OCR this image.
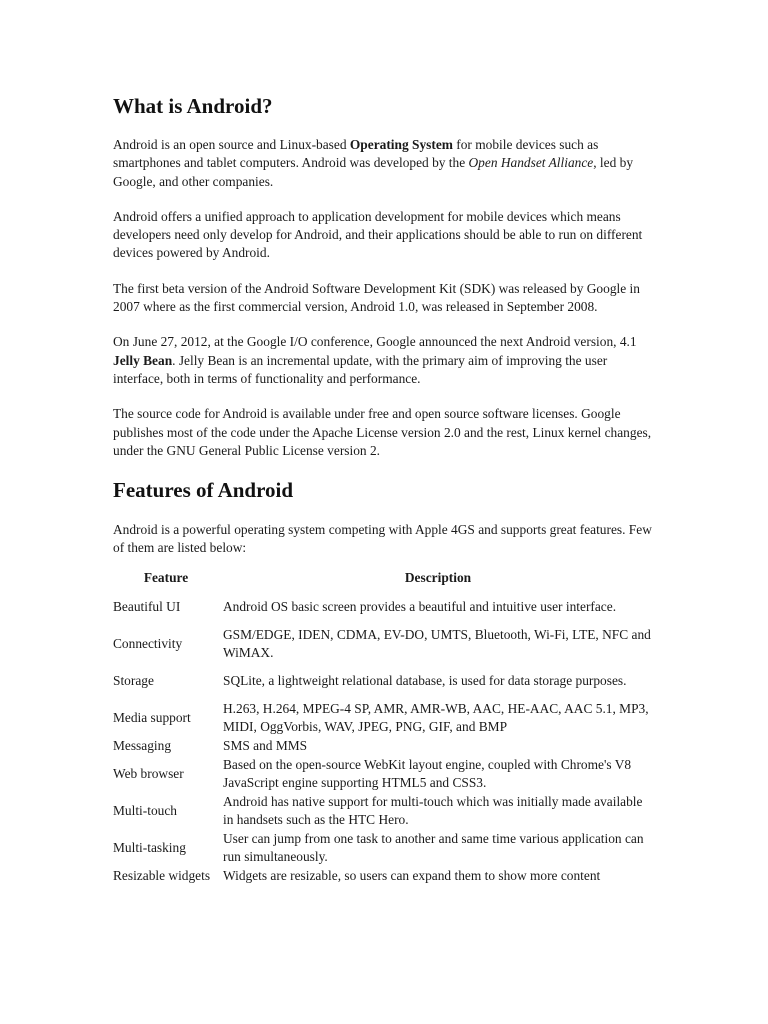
What is Android?

Android is an open source and Linux-based Operating System for mobile devices such as smartphones and tablet computers. Android was developed by the Open Handset Alliance, led by Google, and other companies.

Android offers a unified approach to application development for mobile devices which means developers need only develop for Android, and their applications should be able to run on different devices powered by Android.

The first beta version of the Android Software Development Kit (SDK) was released by Google in 2007 where as the first commercial version, Android 1.0, was released in September 2008.

On June 27, 2012, at the Google I/O conference, Google announced the next Android version, 4.1 Jelly Bean. Jelly Bean is an incremental update, with the primary aim of improving the user interface, both in terms of functionality and performance.

The source code for Android is available under free and open source software licenses. Google publishes most of the code under the Apache License version 2.0 and the rest, Linux kernel changes, under the GNU General Public License version 2.

Features of Android

Android is a powerful operating system competing with Apple 4GS and supports great features. Few of them are listed below:

Feature	Description
Beautiful UI	Android OS basic screen provides a beautiful and intuitive user interface.
Connectivity	GSM/EDGE, IDEN, CDMA, EV-DO, UMTS, Bluetooth, Wi-Fi, LTE, NFC and WiMAX.
Storage	SQLite, a lightweight relational database, is used for data storage purposes.
Media support	H.263, H.264, MPEG-4 SP, AMR, AMR-WB, AAC, HE-AAC, AAC 5.1, MP3, MIDI, OggVorbis, WAV, JPEG, PNG, GIF, and BMP
Messaging	SMS and MMS
Web browser	Based on the open-source WebKit layout engine, coupled with Chrome's V8 JavaScript engine supporting HTML5 and CSS3.
Multi-touch	Android has native support for multi-touch which was initially made available in handsets such as the HTC Hero.
Multi-tasking	User can jump from one task to another and same time various application can run simultaneously.
Resizable widgets	Widgets are resizable, so users can expand them to show more content
